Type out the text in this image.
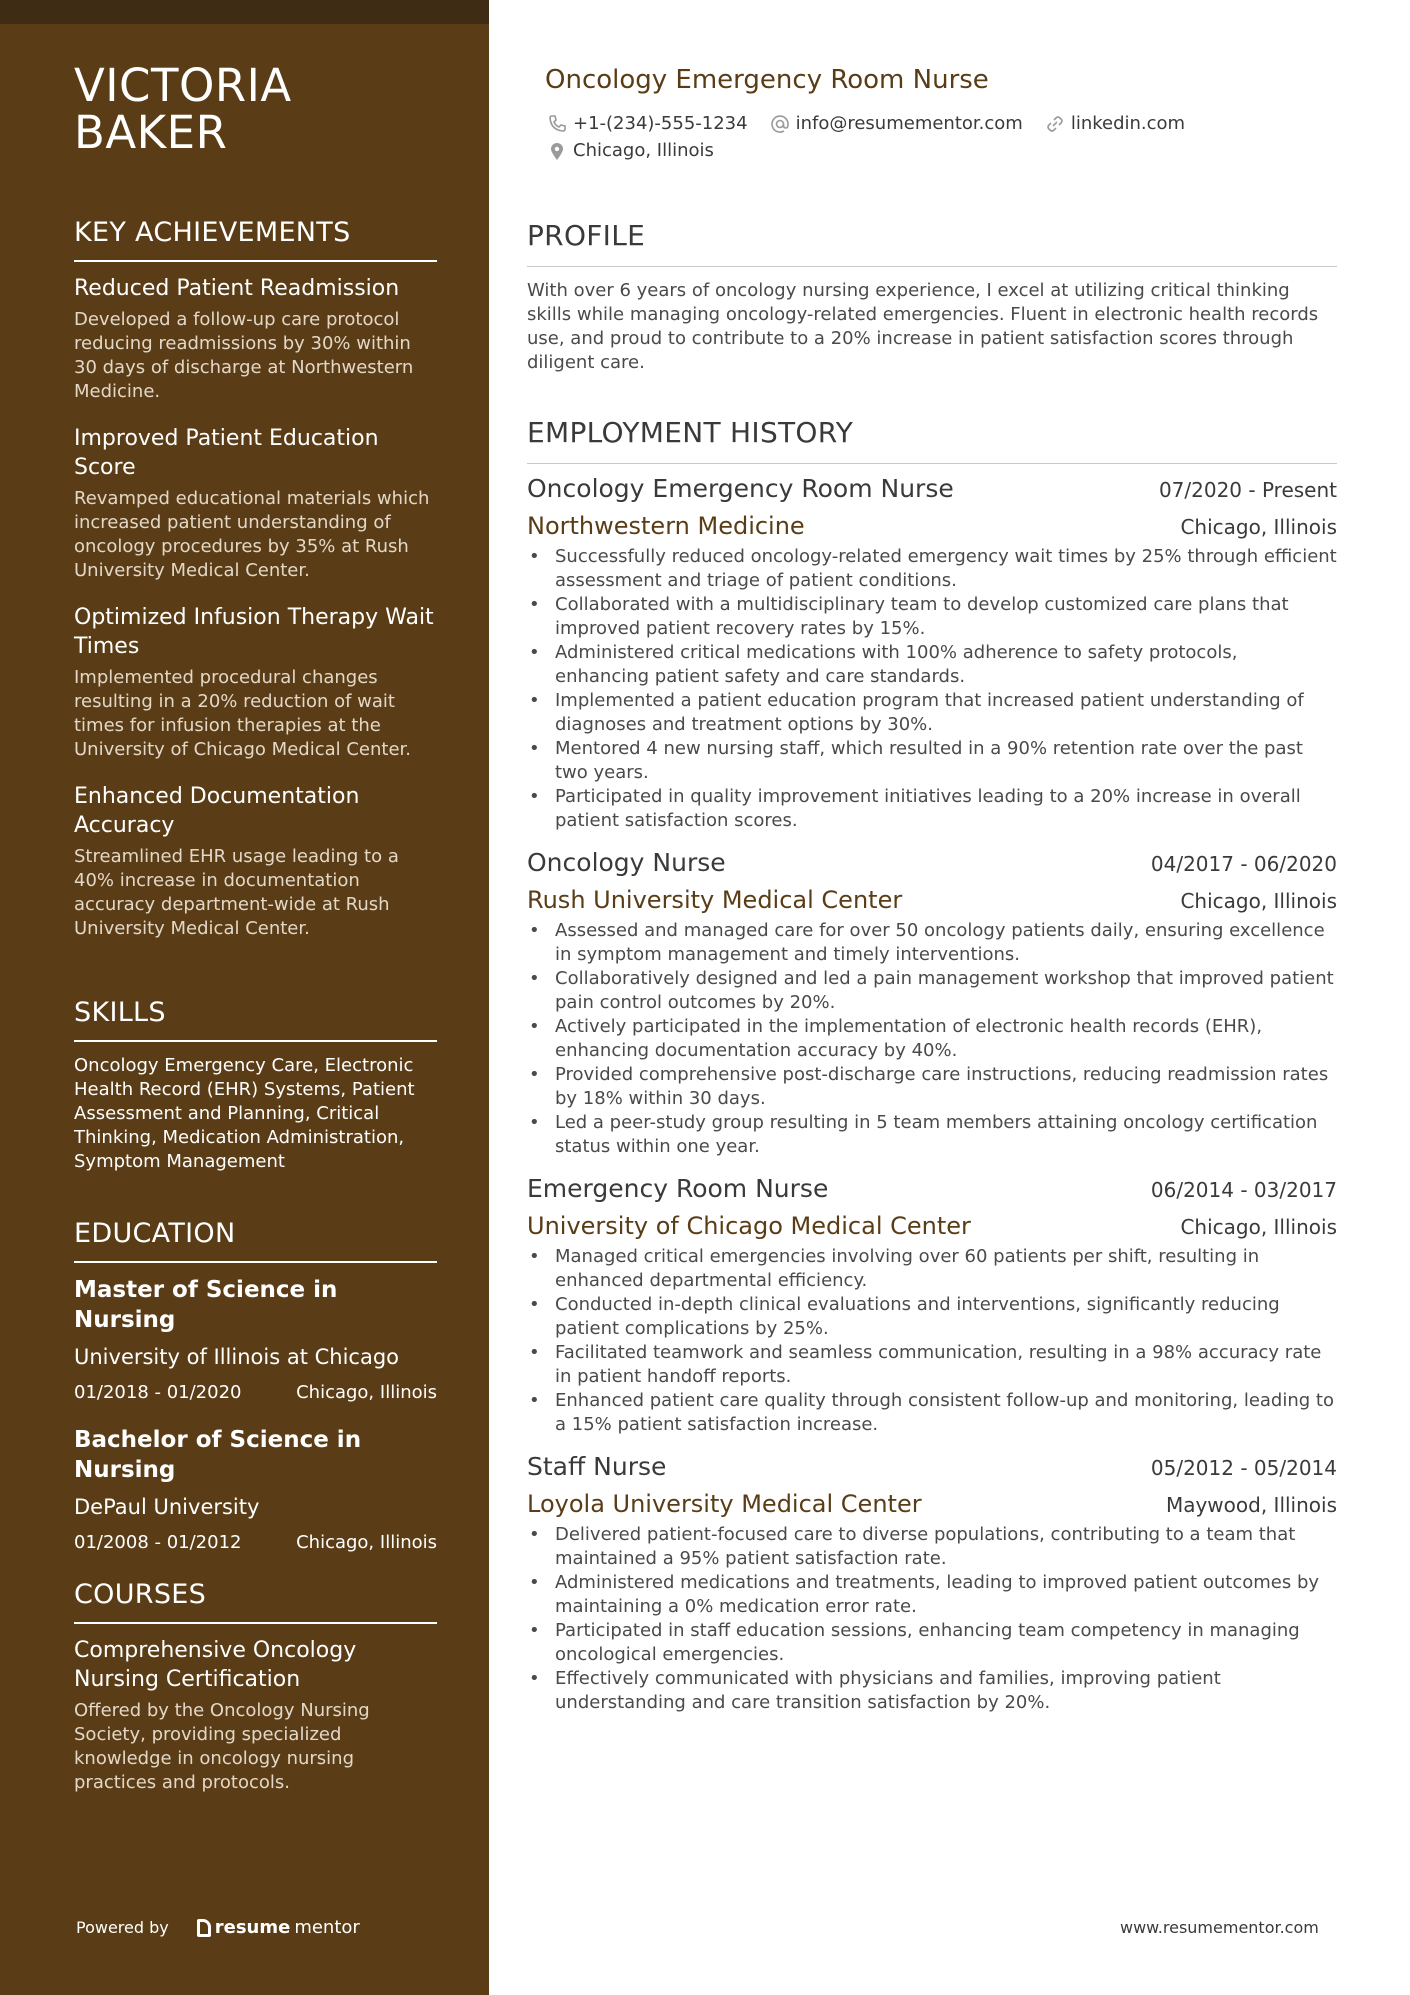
VICTORIA
BAKER
KEY ACHIEVEMENTS
Reduced Patient Readmission
Developed a follow-up care protocol reducing readmissions by 30% within 30 days of discharge at Northwestern Medicine.
Improved Patient Education Score
Revamped educational materials which increased patient understanding of oncology procedures by 35% at Rush University Medical Center.
Optimized Infusion Therapy Wait Times
Implemented procedural changes resulting in a 20% reduction of wait times for infusion therapies at the University of Chicago Medical Center.
Enhanced Documentation Accuracy
Streamlined EHR usage leading to a 40% increase in documentation accuracy department-wide at Rush University Medical Center.
SKILLS
Oncology Emergency Care, Electronic Health Record (EHR) Systems, Patient Assessment and Planning, Critical Thinking, Medication Administration, Symptom Management
EDUCATION
Master of Science in Nursing
University of Illinois at Chicago
01/2018 - 01/2020	Chicago, Illinois
Bachelor of Science in Nursing
DePaul University
01/2008 - 01/2012	Chicago, Illinois
COURSES
Comprehensive Oncology Nursing Certification
Offered by the Oncology Nursing Society, providing specialized knowledge in oncology nursing practices and protocols.
Powered by	resume mentor
Oncology Emergency Room Nurse
+1-(234)-555-1234	info@resumementor.com	linkedin.com
Chicago, Illinois
PROFILE
With over 6 years of oncology nursing experience, I excel at utilizing critical thinking skills while managing oncology-related emergencies. Fluent in electronic health records use, and proud to contribute to a 20% increase in patient satisfaction scores through diligent care.
EMPLOYMENT HISTORY
Oncology Emergency Room Nurse	07/2020 - Present
Northwestern Medicine	Chicago, Illinois
• Successfully reduced oncology-related emergency wait times by 25% through efficient assessment and triage of patient conditions.
• Collaborated with a multidisciplinary team to develop customized care plans that improved patient recovery rates by 15%.
• Administered critical medications with 100% adherence to safety protocols, enhancing patient safety and care standards.
• Implemented a patient education program that increased patient understanding of diagnoses and treatment options by 30%.
• Mentored 4 new nursing staff, which resulted in a 90% retention rate over the past two years.
• Participated in quality improvement initiatives leading to a 20% increase in overall patient satisfaction scores.
Oncology Nurse	04/2017 - 06/2020
Rush University Medical Center	Chicago, Illinois
• Assessed and managed care for over 50 oncology patients daily, ensuring excellence in symptom management and timely interventions.
• Collaboratively designed and led a pain management workshop that improved patient pain control outcomes by 20%.
• Actively participated in the implementation of electronic health records (EHR), enhancing documentation accuracy by 40%.
• Provided comprehensive post-discharge care instructions, reducing readmission rates by 18% within 30 days.
• Led a peer-study group resulting in 5 team members attaining oncology certification status within one year.
Emergency Room Nurse	06/2014 - 03/2017
University of Chicago Medical Center	Chicago, Illinois
• Managed critical emergencies involving over 60 patients per shift, resulting in enhanced departmental efficiency.
• Conducted in-depth clinical evaluations and interventions, significantly reducing patient complications by 25%.
• Facilitated teamwork and seamless communication, resulting in a 98% accuracy rate in patient handoff reports.
• Enhanced patient care quality through consistent follow-up and monitoring, leading to a 15% patient satisfaction increase.
Staff Nurse	05/2012 - 05/2014
Loyola University Medical Center	Maywood, Illinois
• Delivered patient-focused care to diverse populations, contributing to a team that maintained a 95% patient satisfaction rate.
• Administered medications and treatments, leading to improved patient outcomes by maintaining a 0% medication error rate.
• Participated in staff education sessions, enhancing team competency in managing oncological emergencies.
• Effectively communicated with physicians and families, improving patient understanding and care transition satisfaction by 20%.
www.resumementor.com
